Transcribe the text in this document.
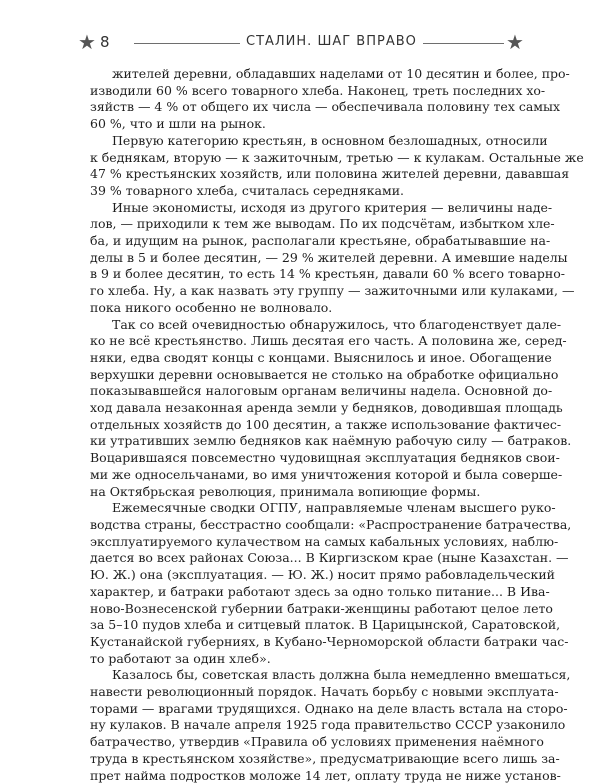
★ 8	СТАЛИН. ШАГ ВПРАВО	★

жителей деревни, обладавших наделами от 10 десятин и более, про-
изводили 60 % всего товарного хлеба. Наконец, треть последних хо-
зяйств — 4 % от общего их числа — обеспечивала половину тех самых
60 %, что и шли на рынок.

Первую категорию крестьян, в основном безлошадных, относили
к беднякам, вторую — к зажиточным, третью — к кулакам. Остальные же
47 % крестьянских хозяйств, или половина жителей деревни, дававшая
39 % товарного хлеба, считалась середняками.

Иные экономисты, исходя из другого критерия — величины наде-
лов, — приходили к тем же выводам. По их подсчётам, избытком хле-
ба, и идущим на рынок, располагали крестьяне, обрабатывавшие на-
делы в 5 и более десятин, — 29 % жителей деревни. А имевшие наделы
в 9 и более десятин, то есть 14 % крестьян, давали 60 % всего товарно-
го хлеба. Ну, а как назвать эту группу — зажиточными или кулаками, —
пока никого особенно не волновало.

Так со всей очевидностью обнаружилось, что благоденствует дале-
ко не всё крестьянство. Лишь десятая его часть. А половина же, серед-
няки, едва сводят концы с концами. Выяснилось и иное. Обогащение
верхушки деревни основывается не столько на обработке официально
показывавшейся налоговым органам величины надела. Основной до-
ход давала незаконная аренда земли у бедняков, доводившая площадь
отдельных хозяйств до 100 десятин, а также использование фактичес-
ки утративших землю бедняков как наёмную рабочую силу — батраков.
Воцарившаяся повсеместно чудовищная эксплуатация бедняков свои-
ми же односельчанами, во имя уничтожения которой и была соверше-
на Октябрьская революция, принимала вопиющие формы.

Ежемесячные сводки ОГПУ, направляемые членам высшего руко-
водства страны, бесстрастно сообщали: «Распространение батрачества,
эксплуатируемого кулачеством на самых кабальных условиях, наблю-
дается во всех районах Союза... В Киргизском крае (ныне Казахстан. —
Ю. Ж.) она (эксплуатация. — Ю. Ж.) носит прямо рабовладельческий
характер, и батраки работают здесь за одно только питание... В Ива-
ново-Вознесенской губернии батраки-женщины работают целое лето
за 5–10 пудов хлеба и ситцевый платок. В Царицынской, Саратовской,
Кустанайской губерниях, в Кубано-Черноморской области батраки час-
то работают за один хлеб».

Казалось бы, советская власть должна была немедленно вмешаться,
навести революционный порядок. Начать борьбу с новыми эксплуата-
торами — врагами трудящихся. Однако на деле власть встала на сторо-
ну кулаков. В начале апреля 1925 года правительство СССР узаконило
батрачество, утвердив «Правила об условиях применения наёмного
труда в крестьянском хозяйстве», предусматривающие всего лишь за-
прет найма подростков моложе 14 лет, оплату труда не ниже установ-
